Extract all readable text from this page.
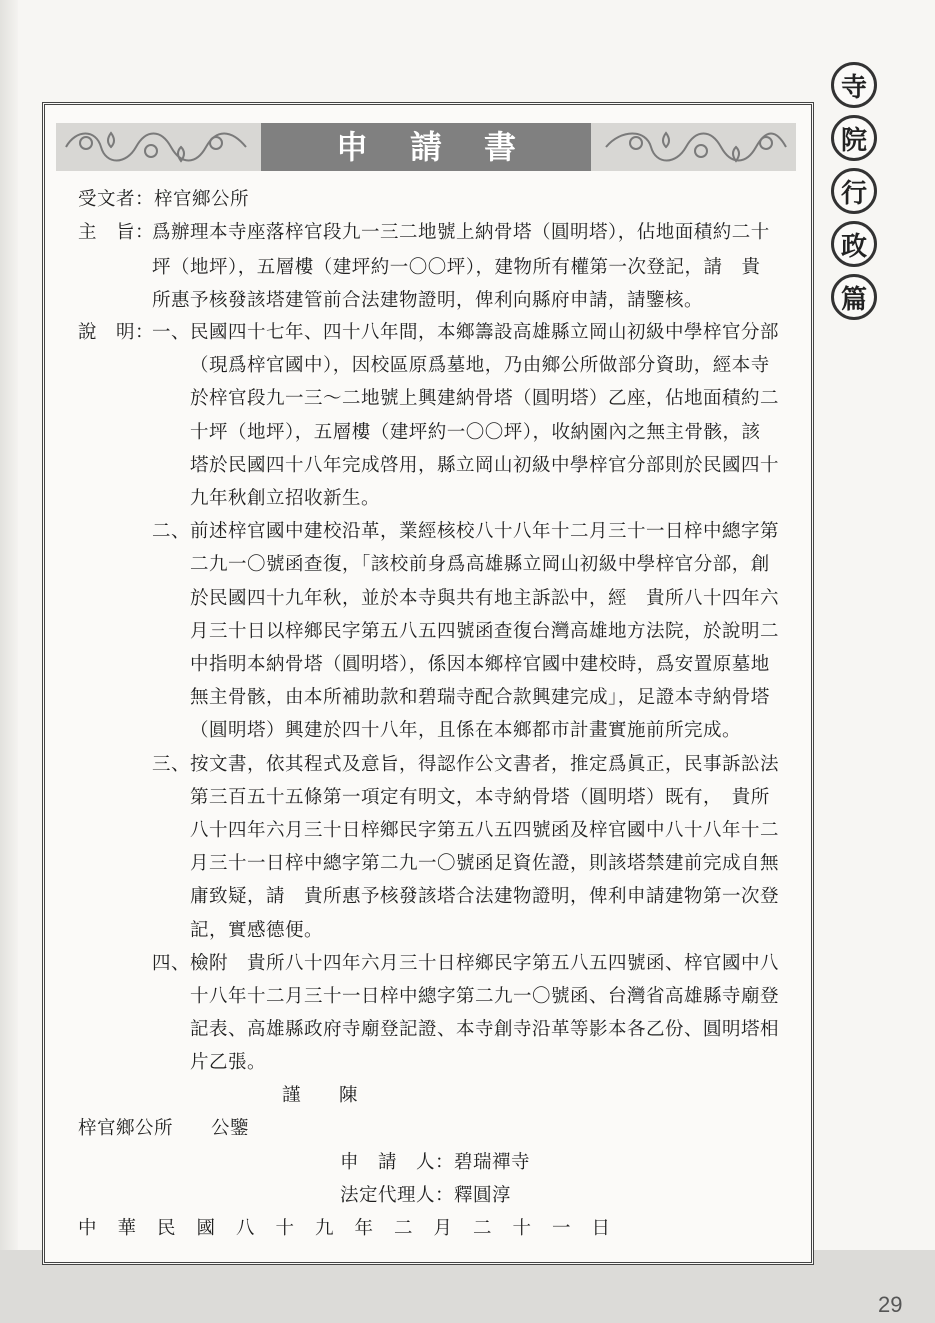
申請書
寺
院
行
政
篇
受文者：梓官鄉公所
主　旨：
爲辦理本寺座落梓官段九一三二地號上納骨塔（圓明塔），佔地面積約二十
坪（地坪），五層樓（建坪約一〇〇坪），建物所有權第一次登記，請　貴
所惠予核發該塔建管前合法建物證明，俾利向縣府申請，請鑒核。
說　明：
一、民國四十七年、四十八年間，本鄉籌設高雄縣立岡山初級中學梓官分部
（現爲梓官國中），因校區原爲墓地，乃由鄉公所做部分資助，經本寺
於梓官段九一三～二地號上興建納骨塔（圓明塔）乙座，佔地面積約二
十坪（地坪），五層樓（建坪約一〇〇坪），收納園內之無主骨骸，該
塔於民國四十八年完成啓用，縣立岡山初級中學梓官分部則於民國四十
九年秋創立招收新生。
二、前述梓官國中建校沿革，業經核校八十八年十二月三十一日梓中總字第
二九一〇號函查復，「該校前身爲高雄縣立岡山初級中學梓官分部，創
於民國四十九年秋，並於本寺與共有地主訴訟中，經　貴所八十四年六
月三十日以梓鄉民字第五八五四號函查復台灣高雄地方法院，於說明二
中指明本納骨塔（圓明塔），係因本鄉梓官國中建校時，爲安置原墓地
無主骨骸，由本所補助款和碧瑞寺配合款興建完成」，足證本寺納骨塔
（圓明塔）興建於四十八年，且係在本鄉都市計畫實施前所完成。
三、按文書，依其程式及意旨，得認作公文書者，推定爲眞正，民事訴訟法
第三百五十五條第一項定有明文，本寺納骨塔（圓明塔）既有，　貴所
八十四年六月三十日梓鄉民字第五八五四號函及梓官國中八十八年十二
月三十一日梓中總字第二九一〇號函足資佐證，則該塔禁建前完成自無
庸致疑，請　貴所惠予核發該塔合法建物證明，俾利申請建物第一次登
記，實感德便。
四、檢附　貴所八十四年六月三十日梓鄉民字第五八五四號函、梓官國中八
十八年十二月三十一日梓中總字第二九一〇號函、台灣省高雄縣寺廟登
記表、高雄縣政府寺廟登記證、本寺創寺沿革等影本各乙份、圓明塔相
片乙張。
謹　　陳
梓官鄉公所　　公鑒
申　請　人：碧瑞禪寺
法定代理人：釋圓淳
中華民國八十九年二月二十一日
29
